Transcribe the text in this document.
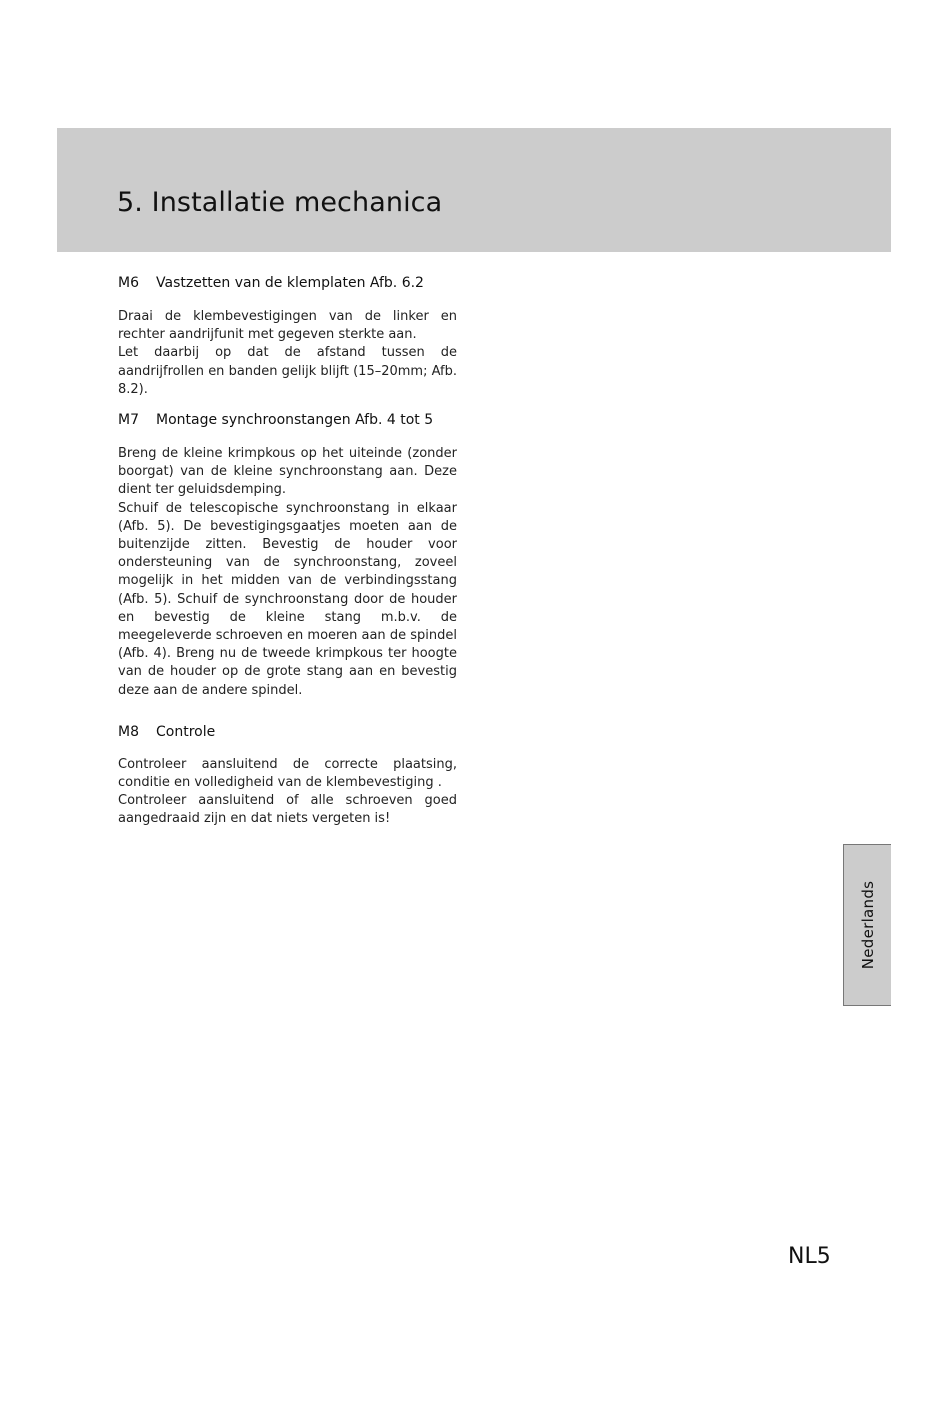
5. Installatie mechanica
M6	Vastzetten van de klemplaten Afb. 6.2

Draai de klembevestigingen van de linker en rechter aandrijfunit met gegeven sterkte aan.

Let daarbij op dat de afstand tussen de aandrijfrollen en banden gelijk blijft (15–20mm; Afb. 8.2).

M7	Montage synchroonstangen Afb. 4 tot 5

Breng de kleine krimpkous op het uiteinde (zonder boorgat) van de kleine synchroonstang aan. Deze dient ter geluidsdemping.

Schuif de telescopische synchroonstang in elkaar (Afb. 5). De bevestigingsgaatjes moeten aan de buitenzijde zitten. Bevestig de houder voor ondersteuning van de synchroonstang, zoveel mogelijk in het midden van de verbindingsstang (Afb. 5). Schuif de synchroonstang door de houder en bevestig de kleine stang m.b.v. de meegeleverde schroeven en moeren aan de spindel (Afb. 4). Breng nu de tweede krimpkous ter hoogte van de houder op de grote stang aan en bevestig deze aan de andere spindel.

M8	Controle

Controleer aansluitend de correcte plaatsing, conditie en volledigheid van de klembevestiging .

Controleer aansluitend of alle schroeven goed aangedraaid zijn en dat niets vergeten is!

Nederlands
NL5
